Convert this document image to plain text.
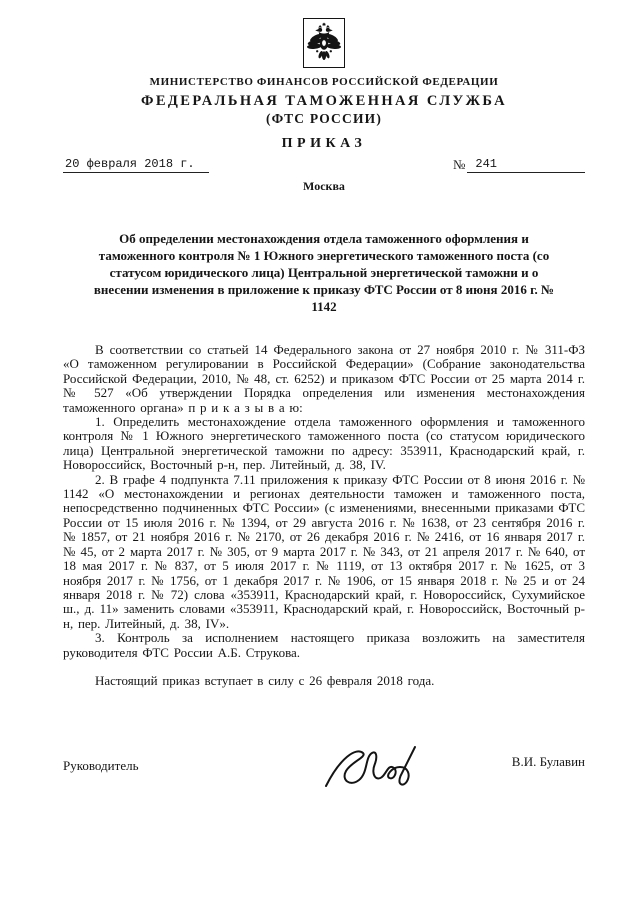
МИНИСТЕРСТВО ФИНАНСОВ РОССИЙСКОЙ ФЕДЕРАЦИИ
ФЕДЕРАЛЬНАЯ ТАМОЖЕННАЯ СЛУЖБА
(ФТС РОССИИ)
ПРИКАЗ
20 февраля 2018 г.	№ 241
Москва
Об определении местонахождения отдела таможенного оформления и таможенного контроля № 1 Южного энергетического таможенного поста (со статусом юридического лица) Центральной энергетической таможни и о внесении изменения в приложение к приказу ФТС России от 8 июня 2016 г. № 1142

В соответствии со статьей 14 Федерального закона от 27 ноября 2010 г. № 311-ФЗ «О таможенном регулировании в Российской Федерации» (Собрание законодательства Российской Федерации, 2010, № 48, ст. 6252) и приказом ФТС России от 25 марта 2014 г. № 527 «Об утверждении Порядка определения или изменения местонахождения таможенного органа» п р и к а з ы в а ю:

1. Определить местонахождение отдела таможенного оформления и таможенного контроля № 1 Южного энергетического таможенного поста (со статусом юридического лица) Центральной энергетической таможни по адресу: 353911, Краснодарский край, г. Новороссийск, Восточный р-н, пер. Литейный, д. 38, IV.

2. В графе 4 подпункта 7.11 приложения к приказу ФТС России от 8 июня 2016 г. № 1142 «О местонахождении и регионах деятельности таможен и таможенного поста, непосредственно подчиненных ФТС России» (с изменениями, внесенными приказами ФТС России от 15 июля 2016 г. № 1394, от 29 августа 2016 г. № 1638, от 23 сентября 2016 г. № 1857, от 21 ноября 2016 г. № 2170, от 26 декабря 2016 г. № 2416, от 16 января 2017 г. № 45, от 2 марта 2017 г. № 305, от 9 марта 2017 г. № 343, от 21 апреля 2017 г. № 640, от 18 мая 2017 г. № 837, от 5 июля 2017 г. № 1119, от 13 октября 2017 г. № 1625, от 3 ноября 2017 г. № 1756, от 1 декабря 2017 г. № 1906, от 15 января 2018 г. № 25 и от 24 января 2018 г. № 72) слова «353911, Краснодарский край, г. Новороссийск, Сухумийское ш., д. 11» заменить словами «353911, Краснодарский край, г. Новороссийск, Восточный р-н, пер. Литейный, д. 38, IV».

3. Контроль за исполнением настоящего приказа возложить на заместителя руководителя ФТС России А.Б. Струкова.

Настоящий приказ вступает в силу с 26 февраля 2018 года.

Руководитель	В.И. Булавин
